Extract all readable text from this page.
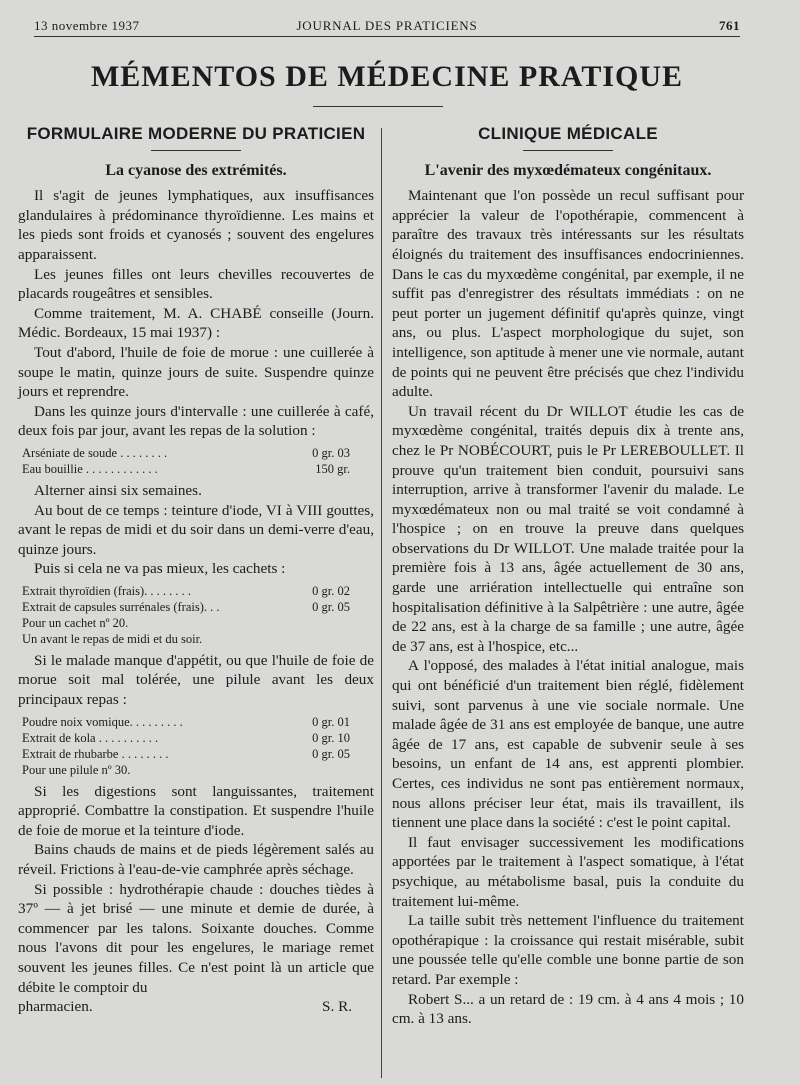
13 novembre 1937	JOURNAL DES PRATICIENS	761
MÉMENTOS DE MÉDECINE PRATIQUE
FORMULAIRE MODERNE DU PRATICIEN
La cyanose des extrémités.

Il s'agit de jeunes lymphatiques, aux insuffisances glandulaires à prédominance thyroïdienne. Les mains et les pieds sont froids et cyanosés ; souvent des engelures apparaissent.

Les jeunes filles ont leurs chevilles recouvertes de placards rougeâtres et sensibles.

Comme traitement, M. A. CHABÉ conseille (Journ. Médic. Bordeaux, 15 mai 1937) :

Tout d'abord, l'huile de foie de morue : une cuillerée à soupe le matin, quinze jours de suite. Suspendre quinze jours et reprendre.

Dans les quinze jours d'intervalle : une cuillerée à café, deux fois par jour, avant les repas de la solution :

Arséniate de soude . . . . . . . .	0 gr. 03
Eau bouillie . . . . . . . . . . . .	150 gr.

Alterner ainsi six semaines.

Au bout de ce temps : teinture d'iode, VI à VIII gouttes, avant le repas de midi et du soir dans un demi-verre d'eau, quinze jours.

Puis si cela ne va pas mieux, les cachets :

Extrait thyroïdien (frais). . . . . . . .	0 gr. 02
Extrait de capsules surrénales (frais). . .	0 gr. 05
Pour un cachet nº 20.
Un avant le repas de midi et du soir.

Si le malade manque d'appétit, ou que l'huile de foie de morue soit mal tolérée, une pilule avant les deux principaux repas :

Poudre noix vomique. . . . . . . . .	0 gr. 01
Extrait de kola . . . . . . . . . .	0 gr. 10
Extrait de rhubarbe . . . . . . . .	0 gr. 05
Pour une pilule nº 30.

Si les digestions sont languissantes, traitement approprié. Combattre la constipation. Et suspendre l'huile de foie de morue et la teinture d'iode.

Bains chauds de mains et de pieds légèrement salés au réveil. Frictions à l'eau-de-vie camphrée après séchage.

Si possible : hydrothérapie chaude : douches tièdes à 37º — à jet brisé — une minute et demie de durée, à commencer par les talons. Soixante douches. Comme nous l'avons dit pour les engelures, le mariage remet souvent les jeunes filles. Ce n'est point là un article que débite le comptoir du

pharmacien.	S. R.
CLINIQUE MÉDICALE
L'avenir des myxœdémateux congénitaux.

Maintenant que l'on possède un recul suffisant pour apprécier la valeur de l'opothérapie, commencent à paraître des travaux très intéressants sur les résultats éloignés du traitement des insuffisances endocriniennes. Dans le cas du myxœdème congénital, par exemple, il ne suffit pas d'enregistrer des résultats immédiats : on ne peut porter un jugement définitif qu'après quinze, vingt ans, ou plus. L'aspect morphologique du sujet, son intelligence, son aptitude à mener une vie normale, autant de points qui ne peuvent être précisés que chez l'individu adulte.

Un travail récent du Dr WILLOT étudie les cas de myxœdème congénital, traités depuis dix à trente ans, chez le Pr NOBÉCOURT, puis le Pr LEREBOULLET. Il prouve qu'un traitement bien conduit, poursuivi sans interruption, arrive à transformer l'avenir du malade. Le myxœdémateux non ou mal traité se voit condamné à l'hospice ; on en trouve la preuve dans quelques observations du Dr WILLOT. Une malade traitée pour la première fois à 13 ans, âgée actuellement de 30 ans, garde une arriération intellectuelle qui entraîne son hospitalisation définitive à la Salpêtrière : une autre, âgée de 22 ans, est à la charge de sa famille ; une autre, âgée de 37 ans, est à l'hospice, etc...

A l'opposé, des malades à l'état initial analogue, mais qui ont bénéficié d'un traitement bien réglé, fidèlement suivi, sont parvenus à une vie sociale normale. Une malade âgée de 31 ans est employée de banque, une autre âgée de 17 ans, est capable de subvenir seule à ses besoins, un enfant de 14 ans, est apprenti plombier. Certes, ces individus ne sont pas entièrement normaux, nous allons préciser leur état, mais ils travaillent, ils tiennent une place dans la société : c'est le point capital.

Il faut envisager successivement les modifications apportées par le traitement à l'aspect somatique, à l'état psychique, au métabolisme basal, puis la conduite du traitement lui-même.

La taille subit très nettement l'influence du traitement opothérapique : la croissance qui restait misérable, subit une poussée telle qu'elle comble une bonne partie de son retard. Par exemple :

Robert S... a un retard de : 19 cm. à 4 ans 4 mois ; 10 cm. à 13 ans.
